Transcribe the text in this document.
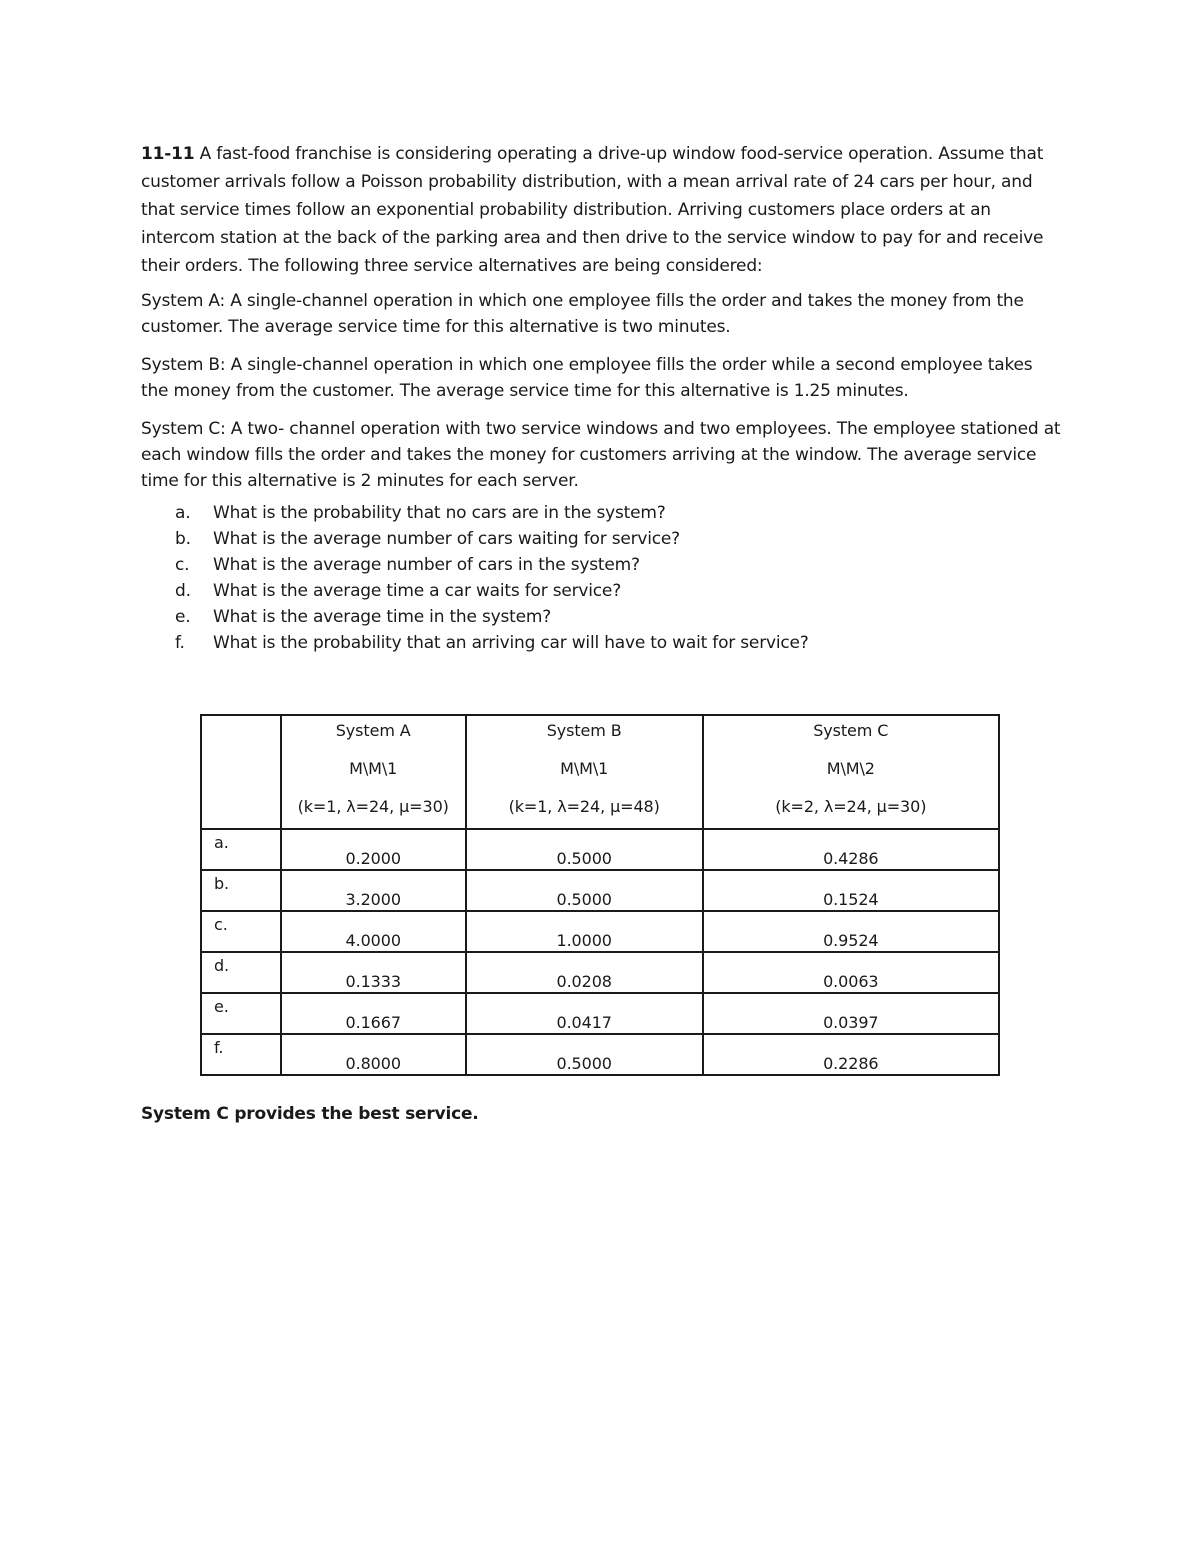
11-11 A fast-food franchise is considering operating a drive-up window food-service operation. Assume that customer arrivals follow a Poisson probability distribution, with a mean arrival rate of 24 cars per hour, and that service times follow an exponential probability distribution. Arriving customers place orders at an intercom station at the back of the parking area and then drive to the service window to pay for and receive their orders. The following three service alternatives are being considered:

System A: A single-channel operation in which one employee fills the order and takes the money from the customer. The average service time for this alternative is two minutes.

System B: A single-channel operation in which one employee fills the order while a second employee takes the money from the customer. The average service time for this alternative is 1.25 minutes.

System C: A two- channel operation with two service windows and two employees. The employee stationed at each window fills the order and takes the money for customers arriving at the window. The average service time for this alternative is 2 minutes for each server.

a.	What is the probability that no cars are in the system?
b.	What is the average number of cars waiting for service?
c.	What is the average number of cars in the system?
d.	What is the average time a car waits for service?
e.	What is the average time in the system?
f.	What is the probability that an arriving car will have to wait for service?

	System A
M\M\1
(k=1, λ=24, μ=30)	System B
M\M\1
(k=1, λ=24, μ=48)	System C
M\M\2
(k=2, λ=24, μ=30)

a.	0.2000	0.5000	0.4286
b.	3.2000	0.5000	0.1524
c.	4.0000	1.0000	0.9524
d.	0.1333	0.0208	0.0063
e.	0.1667	0.0417	0.0397
f.	0.8000	0.5000	0.2286

System C provides the best service.
